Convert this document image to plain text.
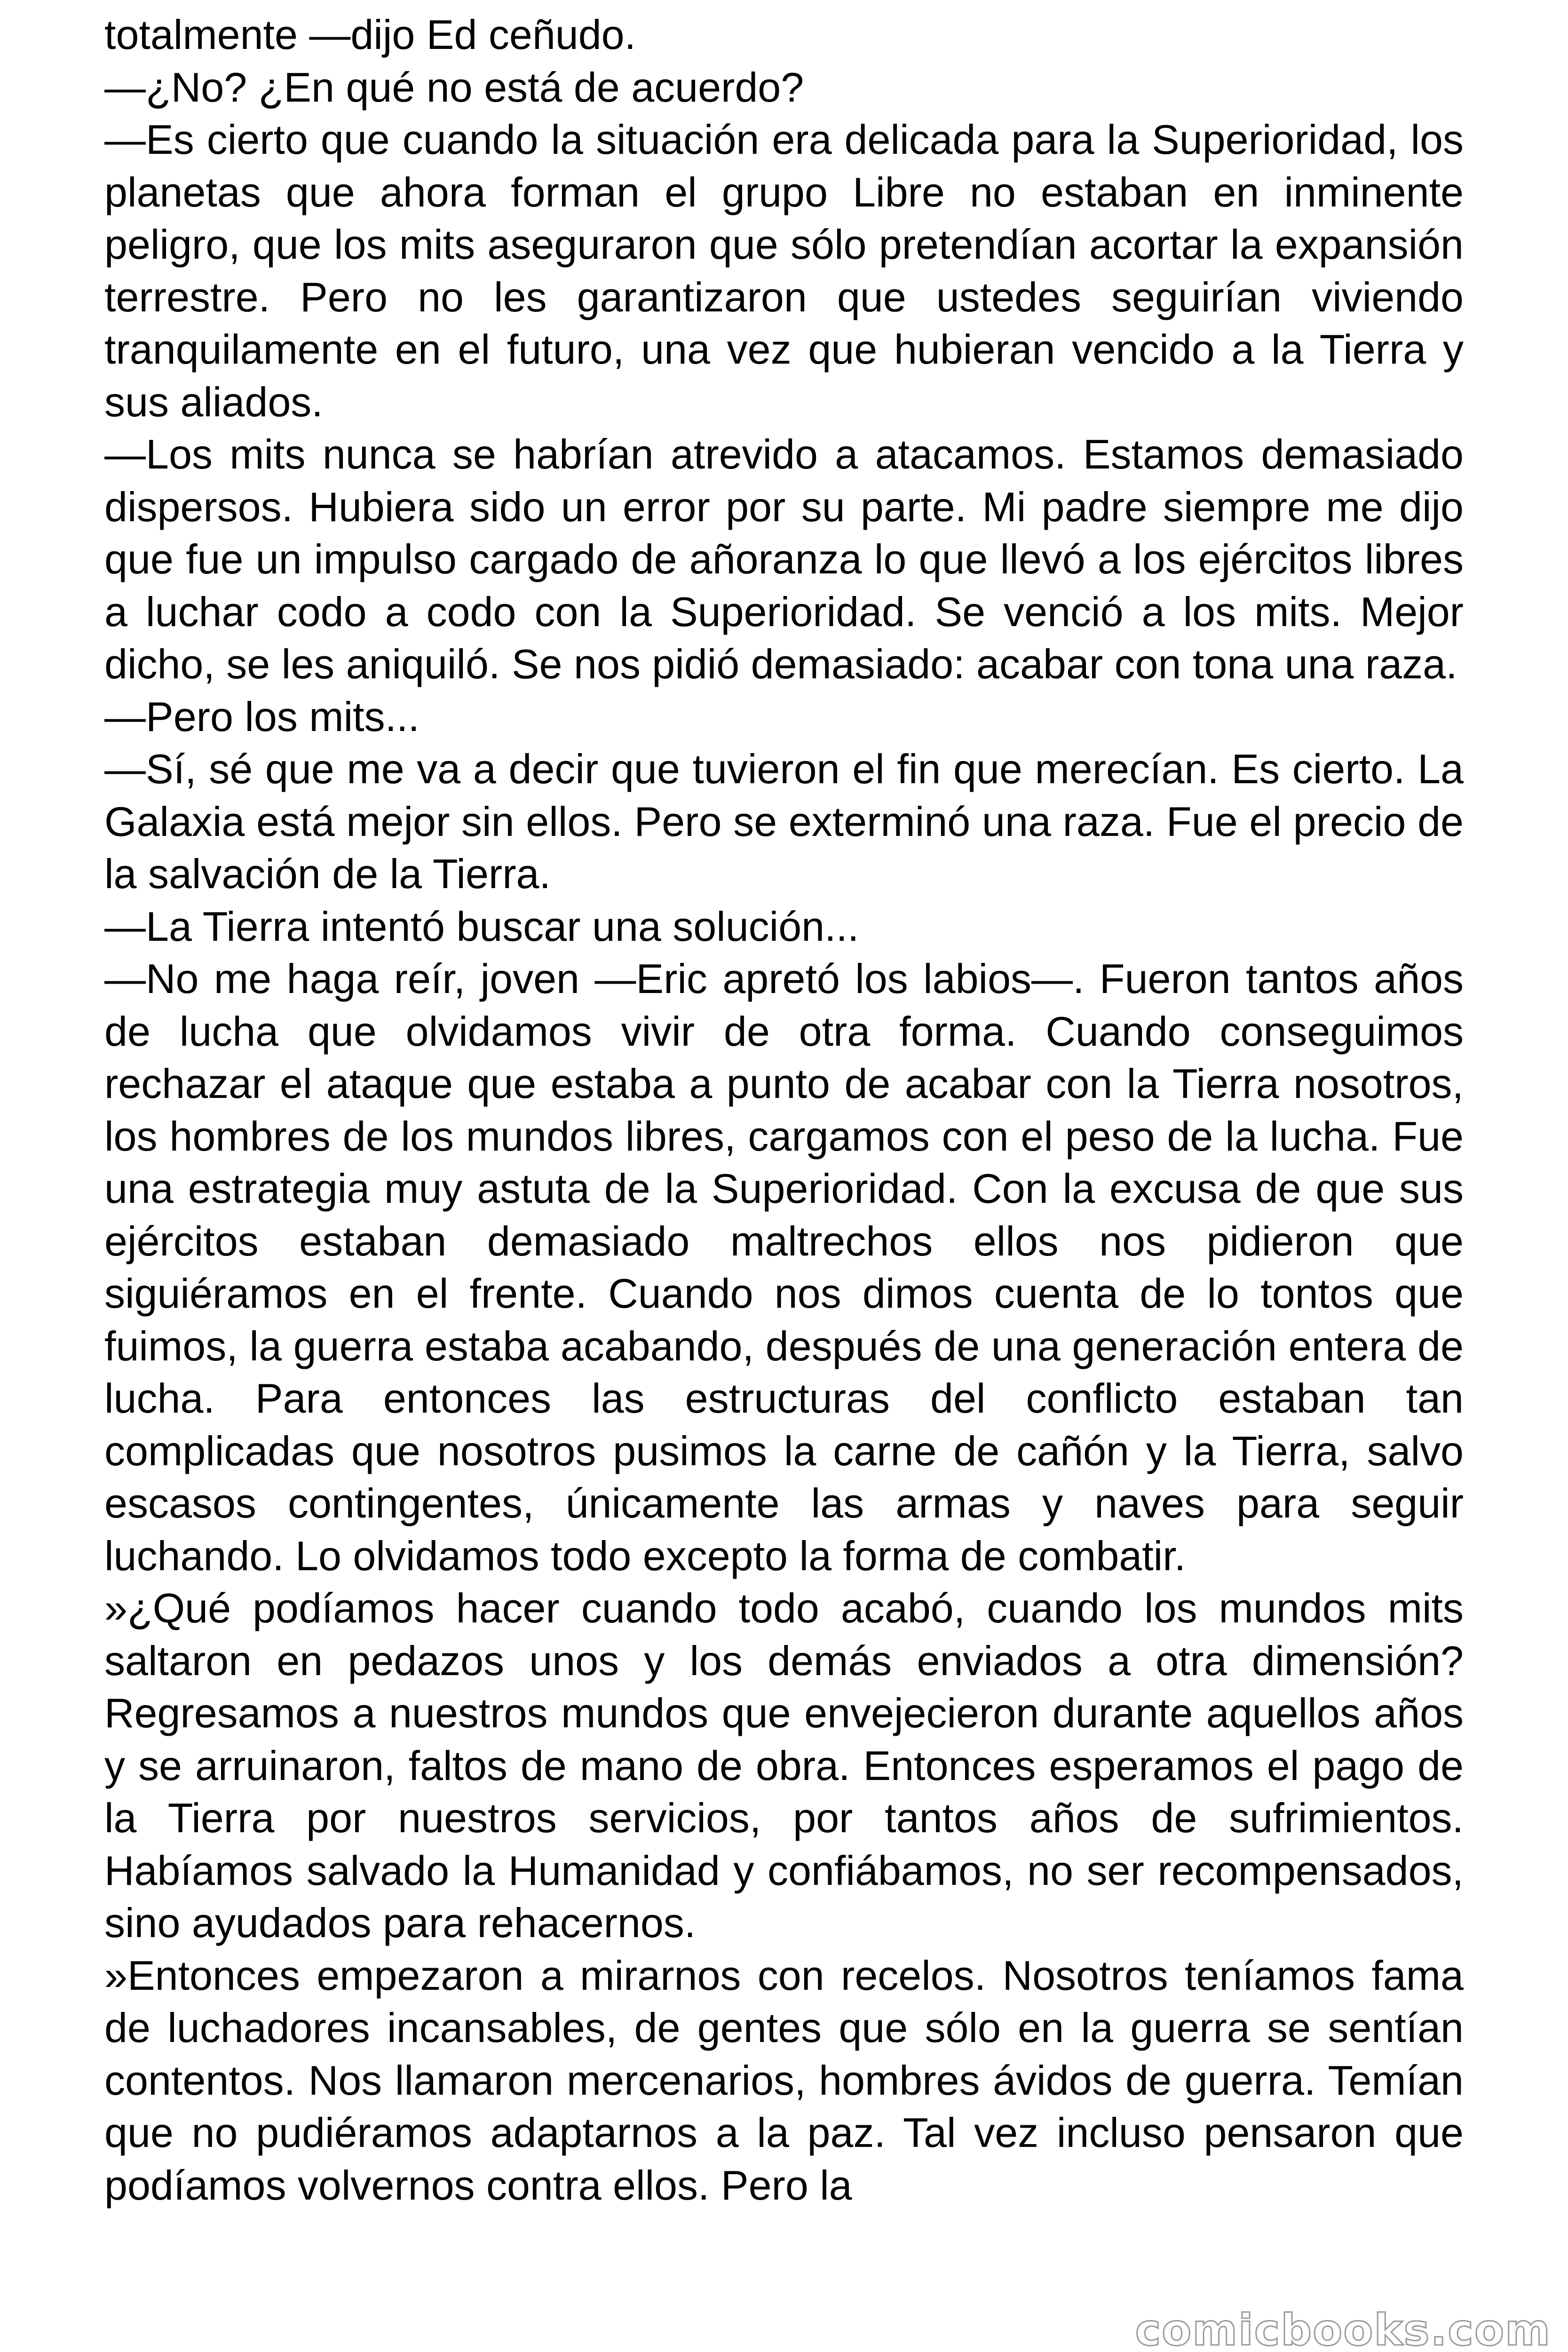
totalmente —dijo Ed ceñudo.

—¿No? ¿En qué no está de acuerdo?

—Es cierto que cuando la situación era delicada para la Superioridad, los planetas que ahora forman el grupo Libre no estaban en inminente peligro, que los mits aseguraron que sólo pretendían acortar la expansión terrestre. Pero no les garantizaron que ustedes seguirían viviendo tranquilamente en el futuro, una vez que hubieran vencido a la Tierra y sus aliados.

—Los mits nunca se habrían atrevido a atacamos. Estamos demasiado dispersos. Hubiera sido un error por su parte. Mi padre siempre me dijo que fue un impulso cargado de añoranza lo que llevó a los ejércitos libres a luchar codo a codo con la Superioridad. Se venció a los mits. Mejor dicho, se les aniquiló. Se nos pidió demasiado: acabar con tona una raza.

—Pero los mits...

—Sí, sé que me va a decir que tuvieron el fin que merecían. Es cierto. La Galaxia está mejor sin ellos. Pero se exterminó una raza. Fue el precio de la salvación de la Tierra.

—La Tierra intentó buscar una solución...

—No me haga reír, joven —Eric apretó los labios—. Fueron tantos años de lucha que olvidamos vivir de otra forma. Cuando conseguimos rechazar el ataque que estaba a punto de acabar con la Tierra nosotros, los hombres de los mundos libres, cargamos con el peso de la lucha. Fue una estrategia muy astuta de la Superioridad. Con la excusa de que sus ejércitos estaban demasiado maltrechos ellos nos pidieron que siguiéramos en el frente. Cuando nos dimos cuenta de lo tontos que fuimos, la guerra estaba acabando, después de una generación entera de lucha. Para entonces las estructuras del conflicto estaban tan complicadas que nosotros pusimos la carne de cañón y la Tierra, salvo escasos contingentes, únicamente las armas y naves para seguir luchando. Lo olvidamos todo excepto la forma de combatir.

»¿Qué podíamos hacer cuando todo acabó, cuando los mundos mits saltaron en pedazos unos y los demás enviados a otra dimensión? Regresamos a nuestros mundos que envejecieron durante aquellos años y se arruinaron, faltos de mano de obra. Entonces esperamos el pago de la Tierra por nuestros servicios, por tantos años de sufrimientos. Habíamos salvado la Humanidad y confiábamos, no ser recompensados, sino ayudados para rehacernos.

»Entonces empezaron a mirarnos con recelos. Nosotros teníamos fama de luchadores incansables, de gentes que sólo en la guerra se sentían contentos. Nos llamaron mercenarios, hombres ávidos de guerra. Temían que no pudiéramos adaptarnos a la paz. Tal vez incluso pensaron que podíamos volvernos contra ellos. Pero la

comicbooks.com
